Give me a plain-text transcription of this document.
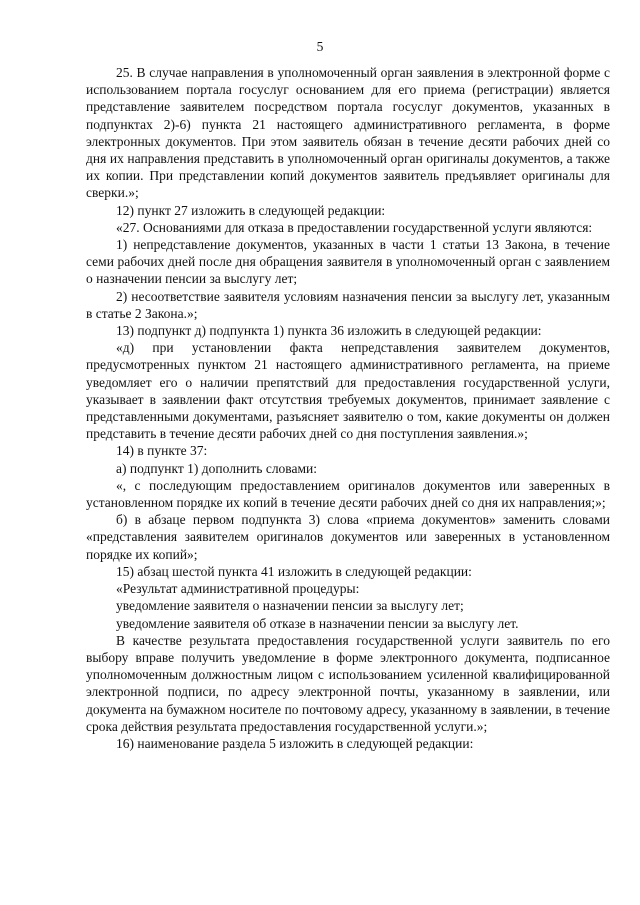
5

25. В случае направления в уполномоченный орган заявления в электронной форме с использованием портала госуслуг основанием для его приема (регистрации) является представление заявителем посредством портала госуслуг документов, указанных в подпунктах 2)-6) пункта 21 настоящего административного регламента, в форме электронных документов. При этом заявитель обязан в течение десяти рабочих дней со дня их направления представить в уполномоченный орган оригиналы документов, а также их копии. При представлении копий документов заявитель предъявляет оригиналы для сверки.»;

12) пункт 27 изложить в следующей редакции:

«27. Основаниями для отказа в предоставлении государственной услуги являются:

1) непредставление документов, указанных в части 1 статьи 13 Закона, в течение семи рабочих дней после дня обращения заявителя в уполномоченный орган с заявлением о назначении пенсии за выслугу лет;

2) несоответствие заявителя условиям назначения пенсии за выслугу лет, указанным в статье 2 Закона.»;

13) подпункт д) подпункта 1) пункта 36 изложить в следующей редакции:

«д) при установлении факта непредставления заявителем документов, предусмотренных пунктом 21 настоящего административного регламента, на приеме уведомляет его о наличии препятствий для предоставления государственной услуги, указывает в заявлении факт отсутствия требуемых документов, принимает заявление с представленными документами, разъясняет заявителю о том, какие документы он должен представить в течение десяти рабочих дней со дня поступления заявления.»;

14) в пункте 37:

а) подпункт 1) дополнить словами:

«, с последующим предоставлением оригиналов документов или заверенных в установленном порядке их копий в течение десяти рабочих дней со дня их направления;»;

б) в абзаце первом подпункта 3) слова «приема документов» заменить словами «представления заявителем оригиналов документов или заверенных в установленном порядке их копий»;

15) абзац шестой пункта 41 изложить в следующей редакции:

«Результат административной процедуры:

уведомление заявителя о назначении пенсии за выслугу лет;

уведомление заявителя об отказе в назначении пенсии за выслугу лет.

В качестве результата предоставления государственной услуги заявитель по его выбору вправе получить уведомление в форме электронного документа, подписанное уполномоченным должностным лицом с использованием усиленной квалифицированной электронной подписи, по адресу электронной почты, указанному в заявлении, или документа на бумажном носителе по почтовому адресу, указанному в заявлении, в течение срока действия результата предоставления государственной услуги.»;

16) наименование раздела 5 изложить в следующей редакции:
